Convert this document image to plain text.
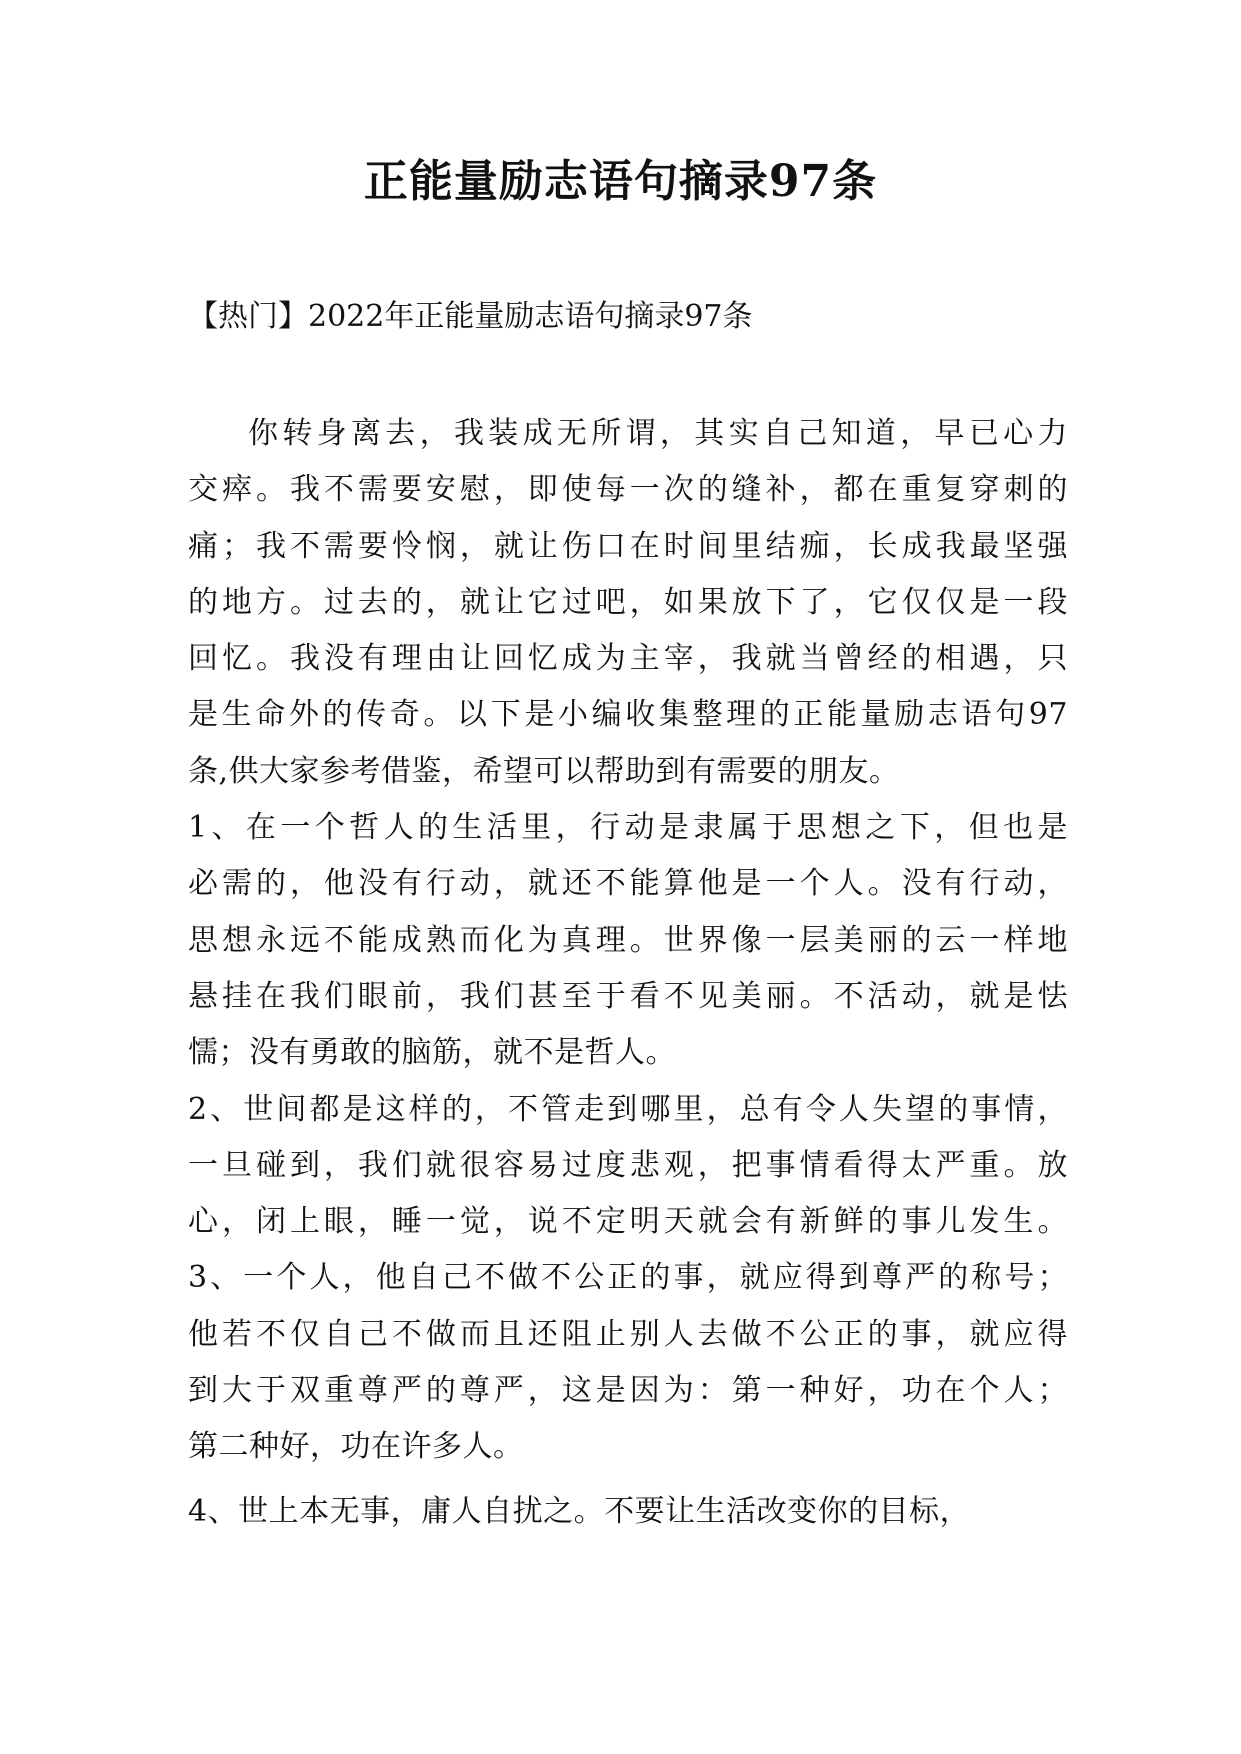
正能量励志语句摘录97条
【热门】2022年正能量励志语句摘录97条
你转身离去，我装成无所谓，其实自己知道，早已心力
交瘁。我不需要安慰，即使每一次的缝补，都在重复穿刺的
痛；我不需要怜悯，就让伤口在时间里结痂，长成我最坚强
的地方。过去的，就让它过吧，如果放下了，它仅仅是一段
回忆。我没有理由让回忆成为主宰，我就当曾经的相遇，只
是生命外的传奇。以下是小编收集整理的正能量励志语句97
条,供大家参考借鉴，希望可以帮助到有需要的朋友。
1、在一个哲人的生活里，行动是隶属于思想之下，但也是
必需的，他没有行动，就还不能算他是一个人。没有行动，
思想永远不能成熟而化为真理。世界像一层美丽的云一样地
悬挂在我们眼前，我们甚至于看不见美丽。不活动，就是怯
懦；没有勇敢的脑筋，就不是哲人。
2、世间都是这样的，不管走到哪里，总有令人失望的事情，
一旦碰到，我们就很容易过度悲观，把事情看得太严重。放
心，闭上眼，睡一觉，说不定明天就会有新鲜的事儿发生。
3、一个人，他自己不做不公正的事，就应得到尊严的称号；
他若不仅自己不做而且还阻止别人去做不公正的事，就应得
到大于双重尊严的尊严，这是因为：第一种好，功在个人；
第二种好，功在许多人。
4、世上本无事，庸人自扰之。不要让生活改变你的目标，
